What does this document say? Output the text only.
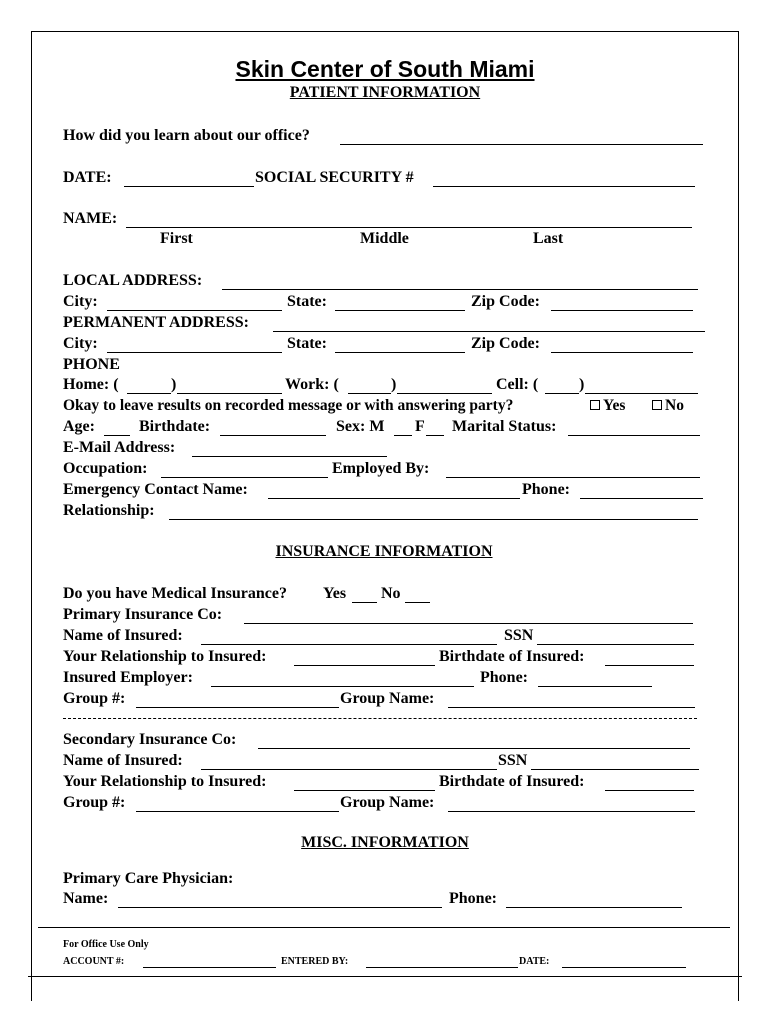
Skin Center of South Miami
PATIENT INFORMATION
How did you learn about our office?
DATE:	SOCIAL SECURITY #
NAME:
First	Middle	Last
LOCAL ADDRESS:
City:	State:	Zip Code:
PERMANENT ADDRESS:
City:	State:	Zip Code:
PHONE
Home: (	)	Work: (	)	Cell: (	)
Okay to leave results on recorded message or with answering party?	Yes	No
Age:	Birthdate:	Sex: M F Marital Status:
E-Mail Address:
Occupation:	Employed By:
Emergency Contact Name:	Phone:
Relationship:
INSURANCE INFORMATION
Do you have Medical Insurance? Yes No
Primary Insurance Co:
Name of Insured:	SSN
Your Relationship to Insured:	Birthdate of Insured:
Insured Employer:	Phone:
Group #:	Group Name:
Secondary Insurance Co:
Name of Insured:	SSN
Your Relationship to Insured:	Birthdate of Insured:
Group #:	Group Name:
MISC. INFORMATION
Primary Care Physician:
Name:	Phone:
For Office Use Only
ACCOUNT #:	ENTERED BY:	DATE:
